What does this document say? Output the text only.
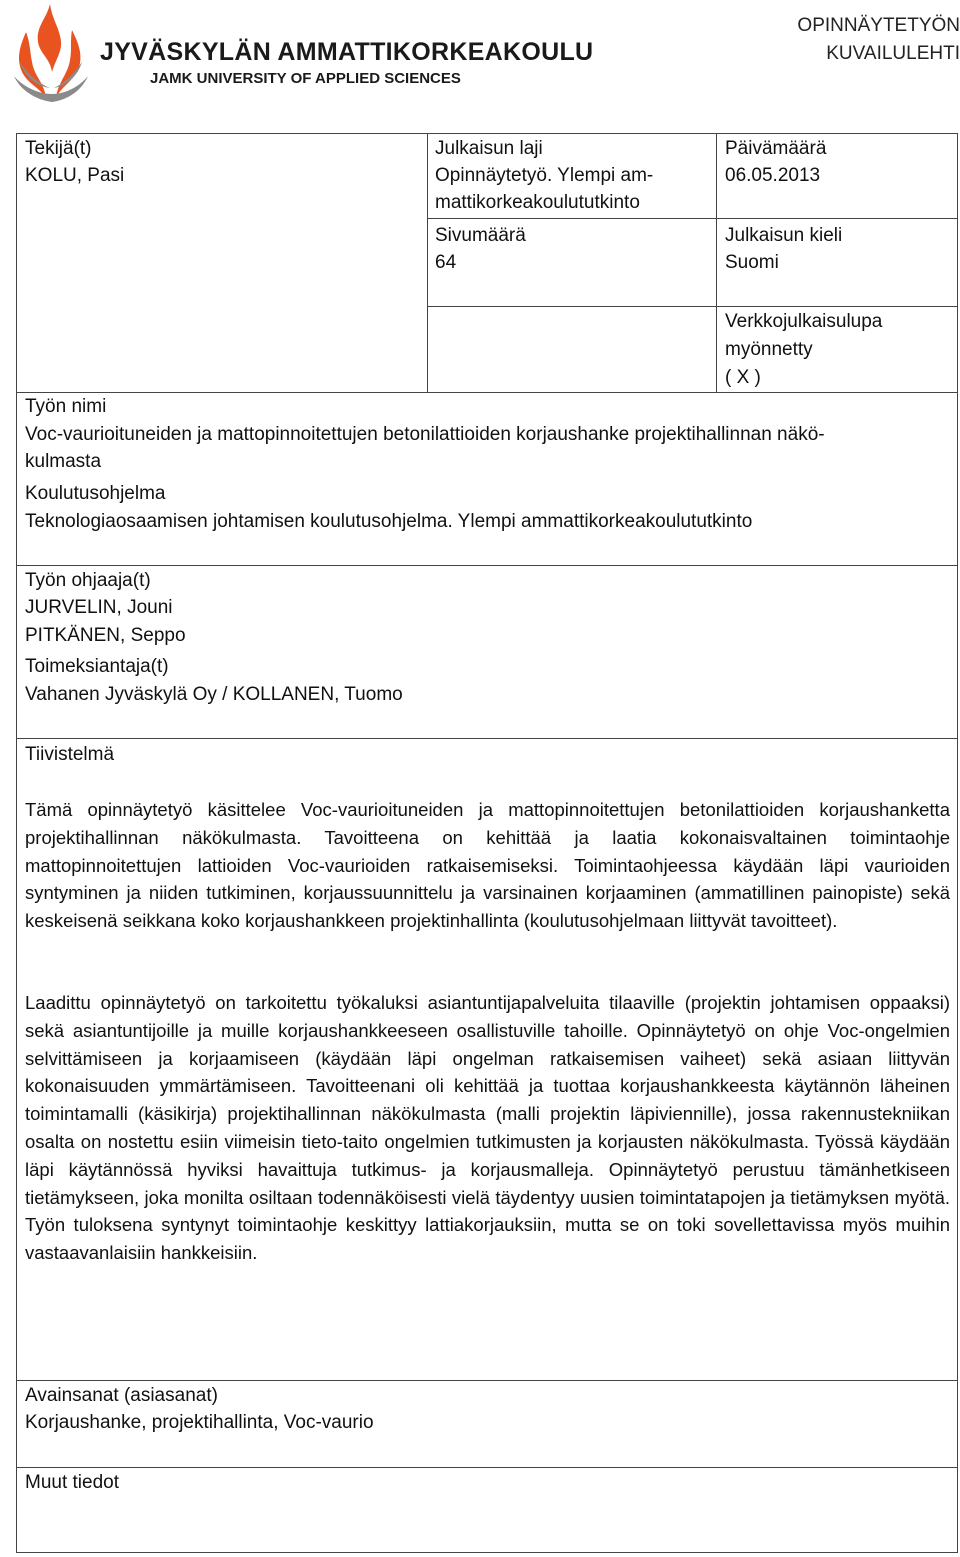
JYVÄSKYLÄN AMMATTIKORKEAKOULU
JAMK UNIVERSITY OF APPLIED SCIENCES
OPINNÄYTETYÖN
KUVAILULEHTI
Tekijä(t)
KOLU, Pasi
Julkaisun laji
Opinnäytetyö. Ylempi am-
mattikorkeakoulututkinto
Päivämäärä
06.05.2013
Sivumäärä
64
Julkaisun kieli
Suomi
Verkkojulkaisulupa
myönnetty
( X )
Työn nimi
Voc-vaurioituneiden ja mattopinnoitettujen betonilattioiden korjaushanke projektihallinnan näkö-
kulmasta
Koulutusohjelma
Teknologiaosaamisen johtamisen koulutusohjelma. Ylempi ammattikorkeakoulututkinto
Työn ohjaaja(t)
JURVELIN, Jouni
PITKÄNEN, Seppo
Toimeksiantaja(t)
Vahanen Jyväskylä Oy / KOLLANEN, Tuomo
Tiivistelmä
Tämä opinnäytetyö käsittelee Voc-vaurioituneiden ja mattopinnoitettujen betonilattioiden korjaushanketta projektihallinnan näkökulmasta. Tavoitteena on kehittää ja laatia kokonaisvaltainen toimintaohje mattopinnoitettujen lattioiden Voc-vaurioiden ratkaisemiseksi. Toimintaohjeessa käydään läpi vaurioiden syntyminen ja niiden tutkiminen, korjaussuunnittelu ja varsinainen korjaaminen (ammatillinen painopiste) sekä keskeisenä seikkana koko korjaushankkeen projektinhallinta (koulutusohjelmaan liittyvät tavoitteet).
Laadittu opinnäytetyö on tarkoitettu työkaluksi asiantuntijapalveluita tilaaville (projektin johtamisen oppaaksi) sekä asiantuntijoille ja muille korjaushankkeeseen osallistuville tahoille. Opinnäytetyö on ohje Voc-ongelmien selvittämiseen ja korjaamiseen (käydään läpi ongelman ratkaisemisen vaiheet) sekä asiaan liittyvän kokonaisuuden ymmärtämiseen. Tavoitteenani oli kehittää ja tuottaa korjaushankkeesta käytännön läheinen toimintamalli (käsikirja) projektihallinnan näkökulmasta (malli projektin läpiviennille), jossa rakennustekniikan osalta on nostettu esiin viimeisin tieto-taito ongelmien tutkimusten ja korjausten näkökulmasta. Työssä käydään läpi käytännössä hyviksi havaittuja tutkimus- ja korjausmalleja. Opinnäytetyö perustuu tämänhetkiseen tietämykseen, joka monilta osiltaan todennäköisesti vielä täydentyy uusien toimintatapojen ja tietämyksen myötä. Työn tuloksena syntynyt toimintaohje keskittyy lattiakorjauksiin, mutta se on toki sovellettavissa myös muihin vastaavanlaisiin hankkeisiin.
Avainsanat (asiasanat)
Korjaushanke, projektihallinta, Voc-vaurio
Muut tiedot
